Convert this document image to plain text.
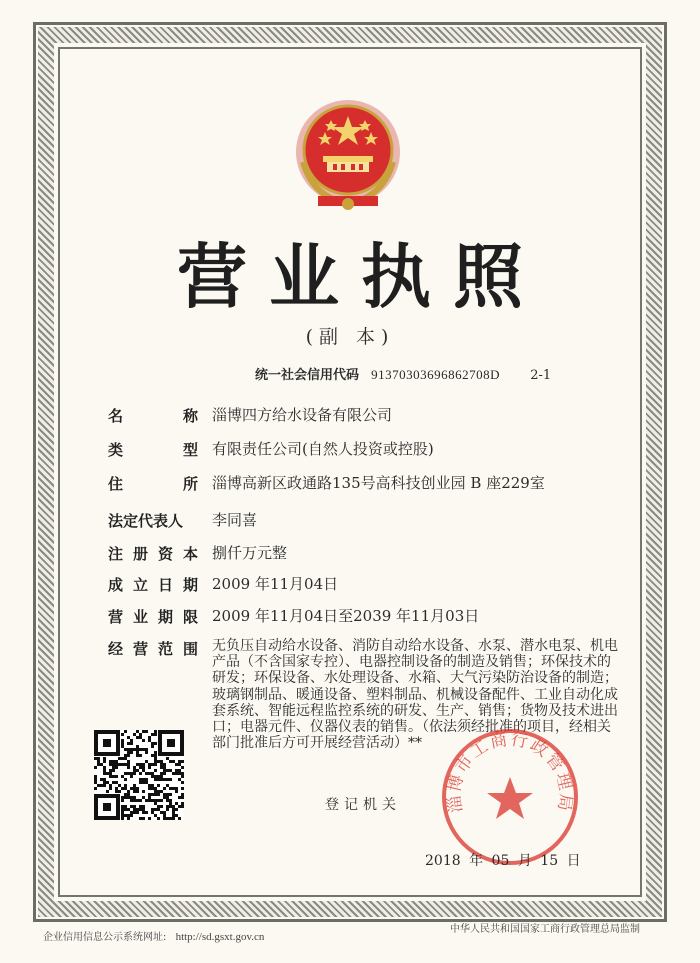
营业执照
(副 本)
统一社会信用代码 91370303696862708D 2-1
名	称 淄博四方给水设备有限公司
类	型 有限责任公司(自然人投资或控股)
住	所 淄博高新区政通路135号高科技创业园 B 座229室
法定代表人	李同喜
注 册 资 本 捌仟万元整
成 立 日 期 2009 年11月04日
营 业 期 限 2009 年11月04日至2039 年11月03日
经 营 范 围 无负压自动给水设备、消防自动给水设备、水泵、潜水电泵、机电

产品（不含国家专控）、电器控制设备的制造及销售；环保技术的

研发；环保设备、水处理设备、水箱、大气污染防治设备的制造；

玻璃钢制品、暖通设备、塑料制品、机械设备配件、工业自动化成

套系统、智能远程监控系统的研发、生产、销售；货物及技术进出

口；电器元件、仪器仪表的销售。（依法须经批准的项目，经相关

部门批准后方可开展经营活动）**

淄博市工商行政管理局
登记机关
2018 年 05 月 15 日
企业信用信息公示系统网址: http://sd.gsxt.gov.cn
中华人民共和国国家工商行政管理总局监制
